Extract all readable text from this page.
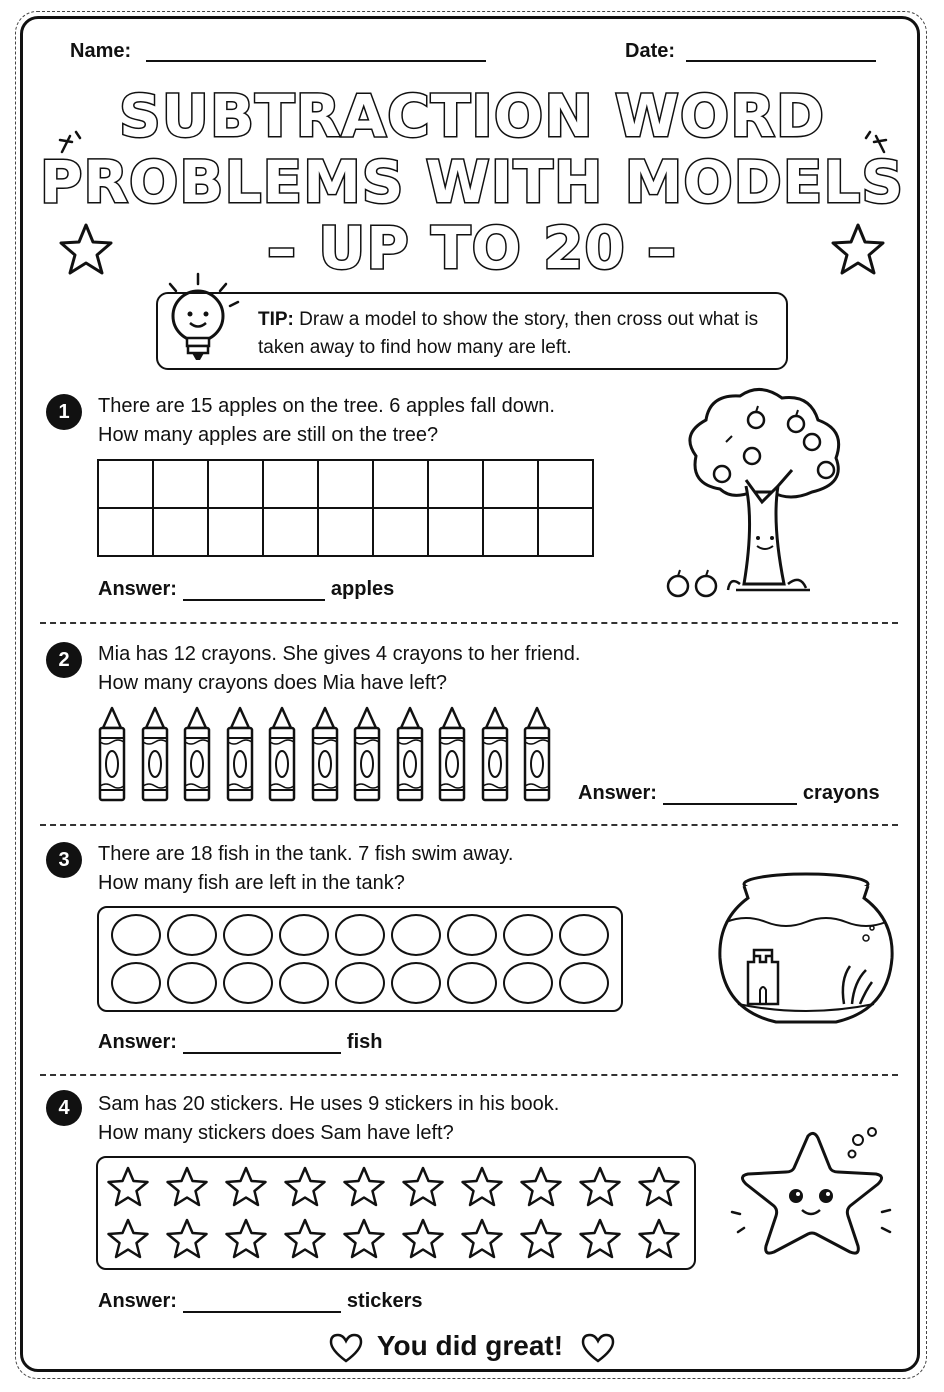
Name:	Date:
SUBTRACTION WORD
PROBLEMS WITH MODELS
– UP TO 20 –
TIP: Draw a model to show the story, then cross out what is taken away to find how many are left.
1	There are 15 apples on the tree. 6 apples fall down.
How many apples are still on the tree?

Answer:	apples
2	Mia has 12 crayons. She gives 4 crayons to her friend.
How many crayons does Mia have left?
Answer:	crayons
3	There are 18 fish in the tank. 7 fish swim away.
How many fish are left in the tank?
Answer:	fish
4	Sam has 20 stickers. He uses 9 stickers in his book.
How many stickers does Sam have left?
Answer:	stickers
You did great!
